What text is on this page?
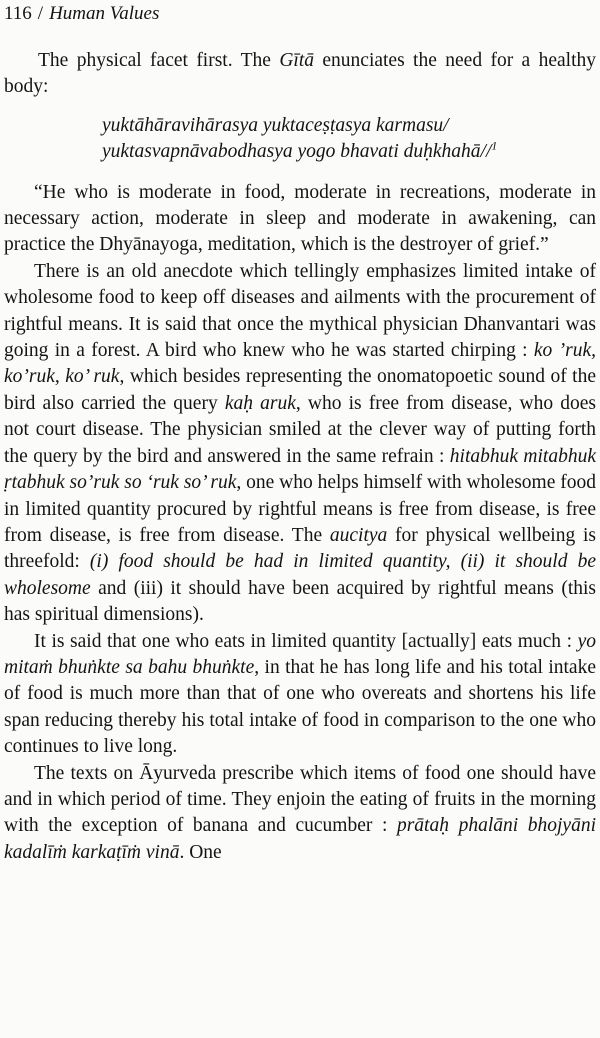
116 / Human Values

The physical facet first. The Gītā enunciates the need for a healthy body:

yuktāhāravihārasya yuktaceṣṭasya karmasu/
yuktasvapnāvabodhasya yogo bhavati duḥkhahā//$^1$

“He who is moderate in food, moderate in recreations, moderate in necessary action, moderate in sleep and moderate in awakening, can practice the Dhyānayoga, meditation, which is the destroyer of grief.”

There is an old anecdote which tellingly emphasizes limited intake of wholesome food to keep off diseases and ailments with the procurement of rightful means. It is said that once the mythical physician Dhanvantari was going in a forest. A bird who knew who he was started chirping : ko ’ruk, ko’ruk, ko’ ruk, which besides representing the onomatopoetic sound of the bird also carried the query kaḥ aruk, who is free from disease, who does not court disease. The physician smiled at the clever way of putting forth the query by the bird and answered in the same refrain : hitabhuk mitabhuk ṛtabhuk so’ruk so ‘ruk so’ ruk, one who helps himself with wholesome food in limited quantity procured by rightful means is free from disease, is free from disease, is free from disease. The aucitya for physical wellbeing is threefold: (i) food should be had in limited quantity, (ii) it should be wholesome and (iii) it should have been acquired by rightful means (this has spiritual dimensions).

It is said that one who eats in limited quantity [actually] eats much : yo mitaṁ bhuṅkte sa bahu bhuṅkte, in that he has long life and his total intake of food is much more than that of one who overeats and shortens his life span reducing thereby his total intake of food in comparison to the one who continues to live long.

The texts on Āyurveda prescribe which items of food one should have and in which period of time. They enjoin the eating of fruits in the morning with the exception of banana and cucumber : prātaḥ phalāni bhojyāni kadalīṁ karkaṭīṁ vinā. One
